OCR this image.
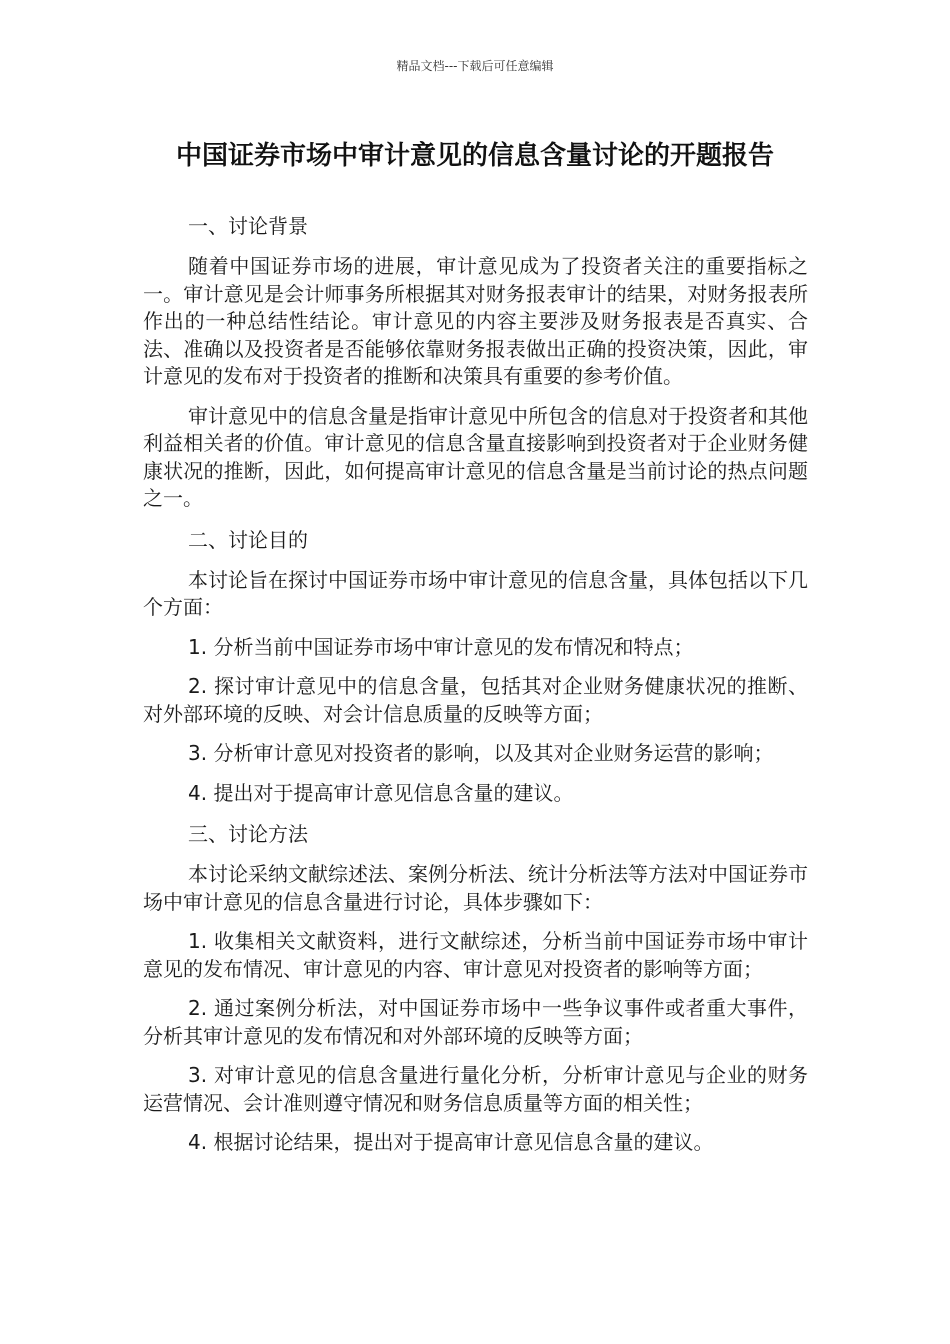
精品文档---下载后可任意编辑
中国证券市场中审计意见的信息含量讨论的开题报告

一、讨论背景

随着中国证券市场的进展，审计意见成为了投资者关注的重要指标之一。审计意见是会计师事务所根据其对财务报表审计的结果，对财务报表所作出的一种总结性结论。审计意见的内容主要涉及财务报表是否真实、合法、准确以及投资者是否能够依靠财务报表做出正确的投资决策，因此，审计意见的发布对于投资者的推断和决策具有重要的参考价值。

审计意见中的信息含量是指审计意见中所包含的信息对于投资者和其他利益相关者的价值。审计意见的信息含量直接影响到投资者对于企业财务健康状况的推断，因此，如何提高审计意见的信息含量是当前讨论的热点问题之一。

二、讨论目的

本讨论旨在探讨中国证券市场中审计意见的信息含量，具体包括以下几个方面：

1. 分析当前中国证券市场中审计意见的发布情况和特点；

2. 探讨审计意见中的信息含量，包括其对企业财务健康状况的推断、对外部环境的反映、对会计信息质量的反映等方面；

3. 分析审计意见对投资者的影响，以及其对企业财务运营的影响；

4. 提出对于提高审计意见信息含量的建议。

三、讨论方法

本讨论采纳文献综述法、案例分析法、统计分析法等方法对中国证券市场中审计意见的信息含量进行讨论，具体步骤如下：

1. 收集相关文献资料，进行文献综述，分析当前中国证券市场中审计意见的发布情况、审计意见的内容、审计意见对投资者的影响等方面；

2. 通过案例分析法，对中国证券市场中一些争议事件或者重大事件，分析其审计意见的发布情况和对外部环境的反映等方面；

3. 对审计意见的信息含量进行量化分析，分析审计意见与企业的财务运营情况、会计准则遵守情况和财务信息质量等方面的相关性；

4. 根据讨论结果，提出对于提高审计意见信息含量的建议。
